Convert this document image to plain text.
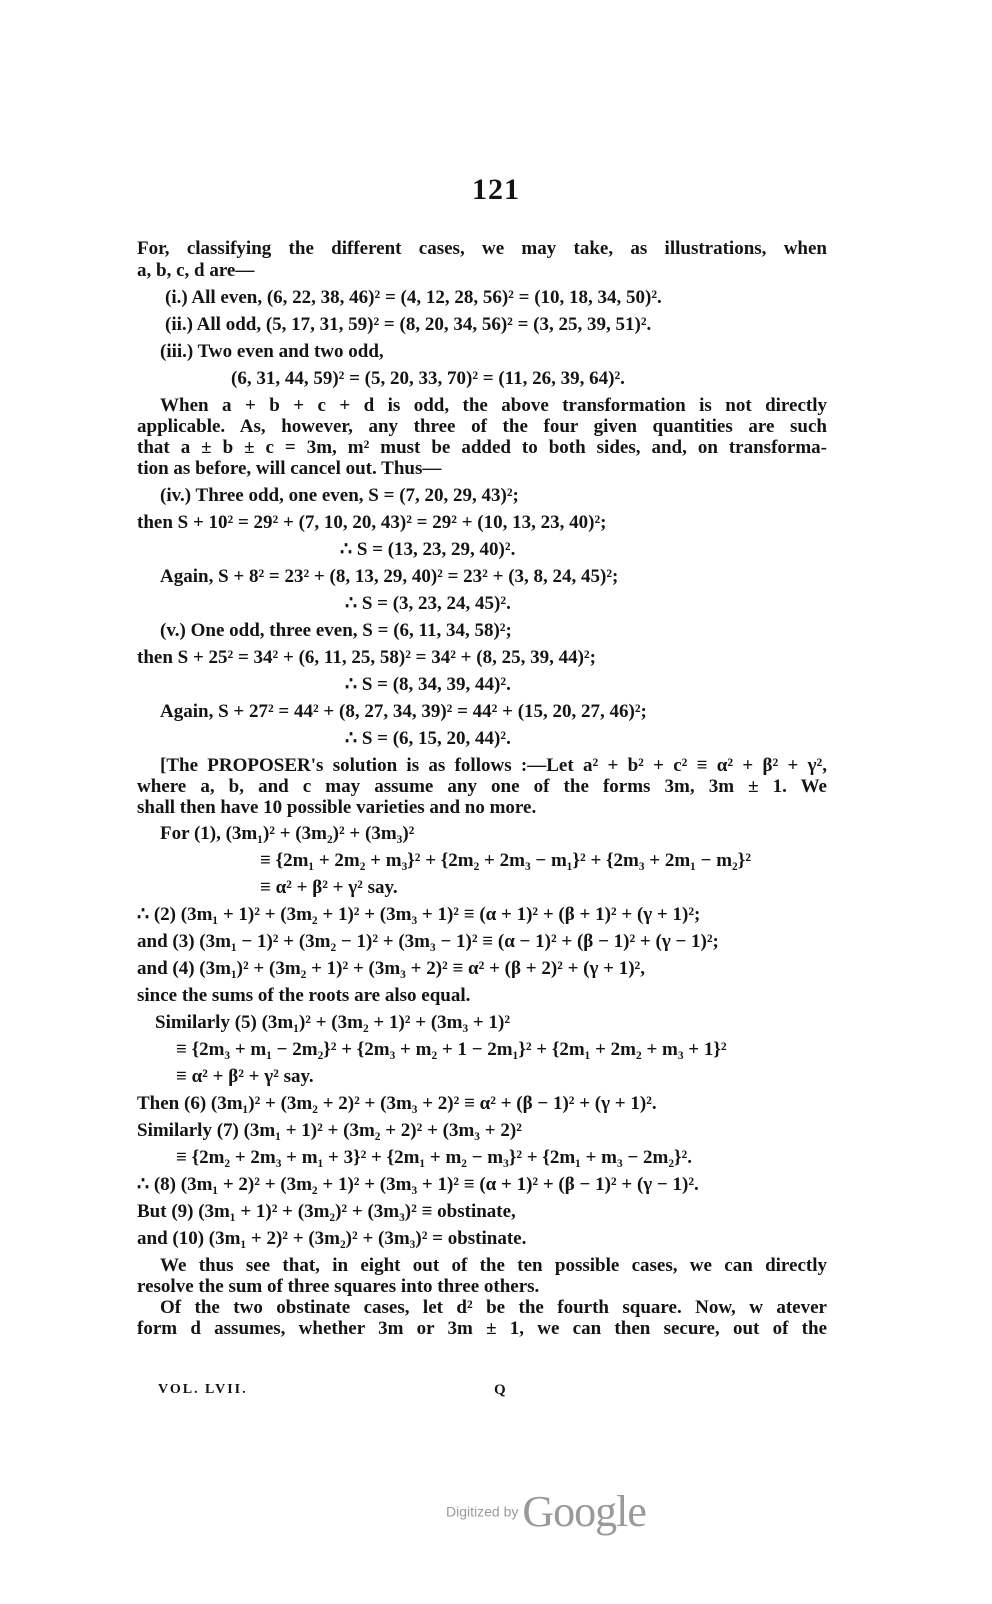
121
For, classifying the different cases, we may take, as illustrations, when
a, b, c, d are—
(i.) All even, (6, 22, 38, 46)² = (4, 12, 28, 56)² = (10, 18, 34, 50)².
(ii.) All odd, (5, 17, 31, 59)² = (8, 20, 34, 56)² = (3, 25, 39, 51)².
(iii.) Two even and two odd,
(6, 31, 44, 59)² = (5, 20, 33, 70)² = (11, 26, 39, 64)².
When a + b + c + d is odd, the above transformation is not directly
applicable. As, however, any three of the four given quantities are such
that a ± b ± c = 3m, m² must be added to both sides, and, on transforma-
tion as before, will cancel out. Thus—
(iv.) Three odd, one even, S = (7, 20, 29, 43)²;
then S + 10² = 29² + (7, 10, 20, 43)² = 29² + (10, 13, 23, 40)²;
∴ S = (13, 23, 29, 40)².
Again, S + 8² = 23² + (8, 13, 29, 40)² = 23² + (3, 8, 24, 45)²;
∴ S = (3, 23, 24, 45)².
(v.) One odd, three even, S = (6, 11, 34, 58)²;
then S + 25² = 34² + (6, 11, 25, 58)² = 34² + (8, 25, 39, 44)²;
∴ S = (8, 34, 39, 44)².
Again, S + 27² = 44² + (8, 27, 34, 39)² = 44² + (15, 20, 27, 46)²;
∴ S = (6, 15, 20, 44)².
[The PROPOSER's solution is as follows :—Let a² + b² + c² ≡ α² + β² + γ²,
where a, b, and c may assume any one of the forms 3m, 3m ± 1. We
shall then have 10 possible varieties and no more.
For (1), (3m₁)² + (3m₂)² + (3m₃)²
≡ {2m₁ + 2m₂ + m₃}² + {2m₂ + 2m₃ − m₁}² + {2m₃ + 2m₁ − m₂}²
≡ α² + β² + γ² say.
∴ (2) (3m₁ + 1)² + (3m₂ + 1)² + (3m₃ + 1)² ≡ (α + 1)² + (β + 1)² + (γ + 1)²;
and (3) (3m₁ − 1)² + (3m₂ − 1)² + (3m₃ − 1)² ≡ (α − 1)² + (β − 1)² + (γ − 1)²;
and (4) (3m₁)² + (3m₂ + 1)² + (3m₃ + 2)² ≡ α² + (β + 2)² + (γ + 1)²,
since the sums of the roots are also equal.
Similarly (5) (3m₁)² + (3m₂ + 1)² + (3m₃ + 1)²
≡ {2m₃ + m₁ − 2m₂}² + {2m₃ + m₂ + 1 − 2m₁}² + {2m₁ + 2m₂ + m₃ + 1}²
≡ α² + β² + γ² say.
Then (6) (3m₁)² + (3m₂ + 2)² + (3m₃ + 2)² ≡ α² + (β − 1)² + (γ + 1)².
Similarly (7) (3m₁ + 1)² + (3m₂ + 2)² + (3m₃ + 2)²
≡ {2m₂ + 2m₃ + m₁ + 3}² + {2m₁ + m₂ − m₃}² + {2m₁ + m₃ − 2m₂}².
∴ (8) (3m₁ + 2)² + (3m₂ + 1)² + (3m₃ + 1)² ≡ (α + 1)² + (β − 1)² + (γ − 1)².
But (9) (3m₁ + 1)² + (3m₂)² + (3m₃)² ≡ obstinate,
and (10) (3m₁ + 2)² + (3m₂)² + (3m₃)² = obstinate.
We thus see that, in eight out of the ten possible cases, we can directly
resolve the sum of three squares into three others.
Of the two obstinate cases, let d² be the fourth square. Now, w atever
form d assumes, whether 3m or 3m ± 1, we can then secure, out of the
VOL. LVII.	Q
Digitized by Google
